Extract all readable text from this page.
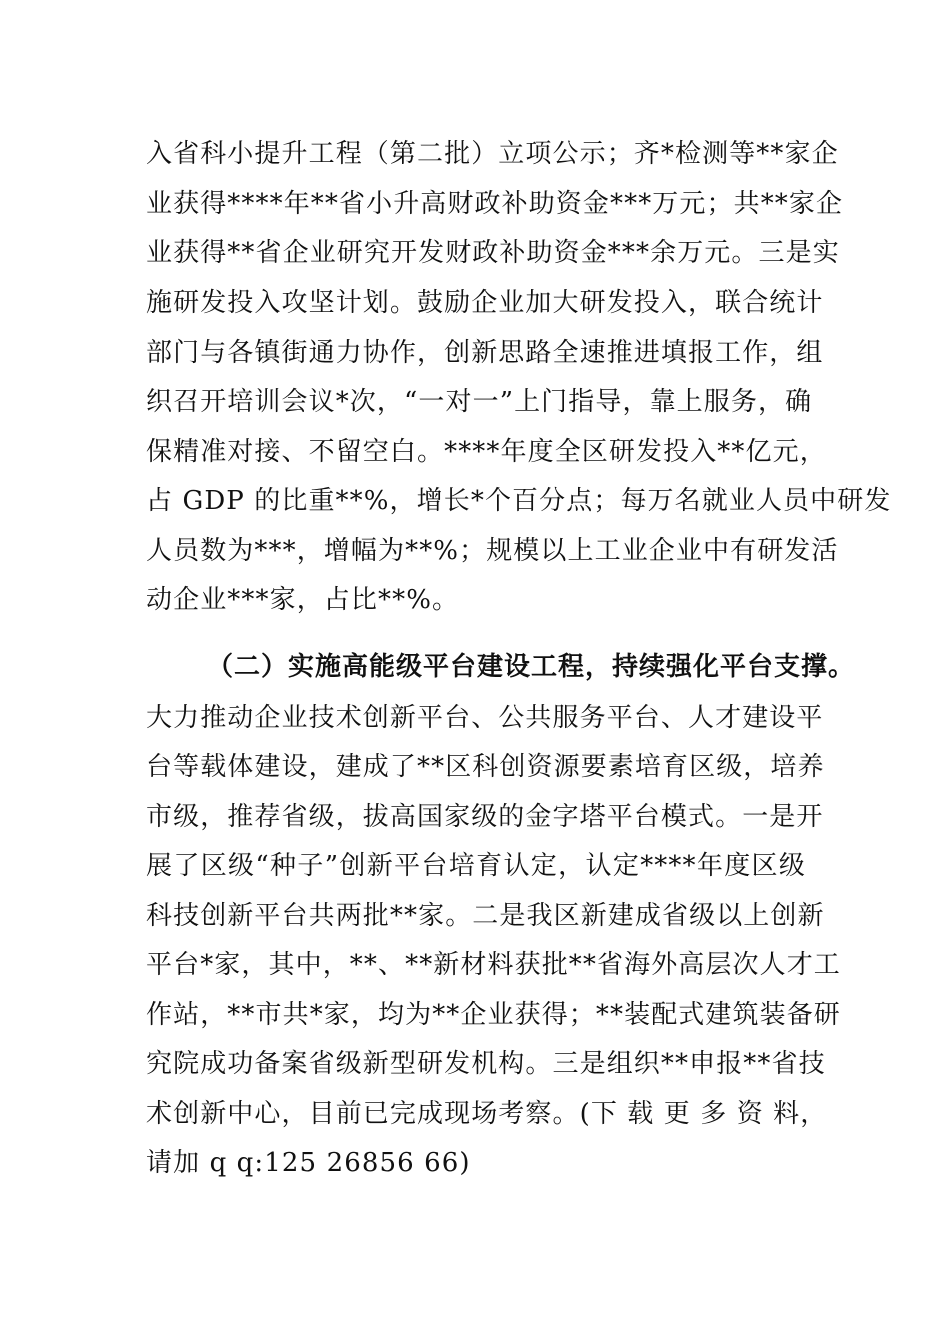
入省科小提升工程（第二批）立项公示；齐*检测等**家企
业获得****年**省小升高财政补助资金***万元；共**家企
业获得**省企业研究开发财政补助资金***余万元。三是实
施研发投入攻坚计划。鼓励企业加大研发投入，联合统计
部门与各镇街通力协作，创新思路全速推进填报工作，组
织召开培训会议*次，“一对一”上门指导，靠上服务，确
保精准对接、不留空白。****年度全区研发投入**亿元，
占 GDP 的比重**%，增长*个百分点；每万名就业人员中研发
人员数为***，增幅为**%；规模以上工业企业中有研发活
动企业***家，占比**%。
（二）实施高能级平台建设工程，持续强化平台支撑。
大力推动企业技术创新平台、公共服务平台、人才建设平
台等载体建设，建成了**区科创资源要素培育区级，培养
市级，推荐省级，拔高国家级的金字塔平台模式。一是开
展了区级“种子”创新平台培育认定，认定****年度区级
科技创新平台共两批**家。二是我区新建成省级以上创新
平台*家，其中，**、**新材料获批**省海外高层次人才工
作站，**市共*家，均为**企业获得；**装配式建筑装备研
究院成功备案省级新型研发机构。三是组织**申报**省技
术创新中心，目前已完成现场考察。(下 载 更 多 资 料，
请加 q q:125 26856 66)
